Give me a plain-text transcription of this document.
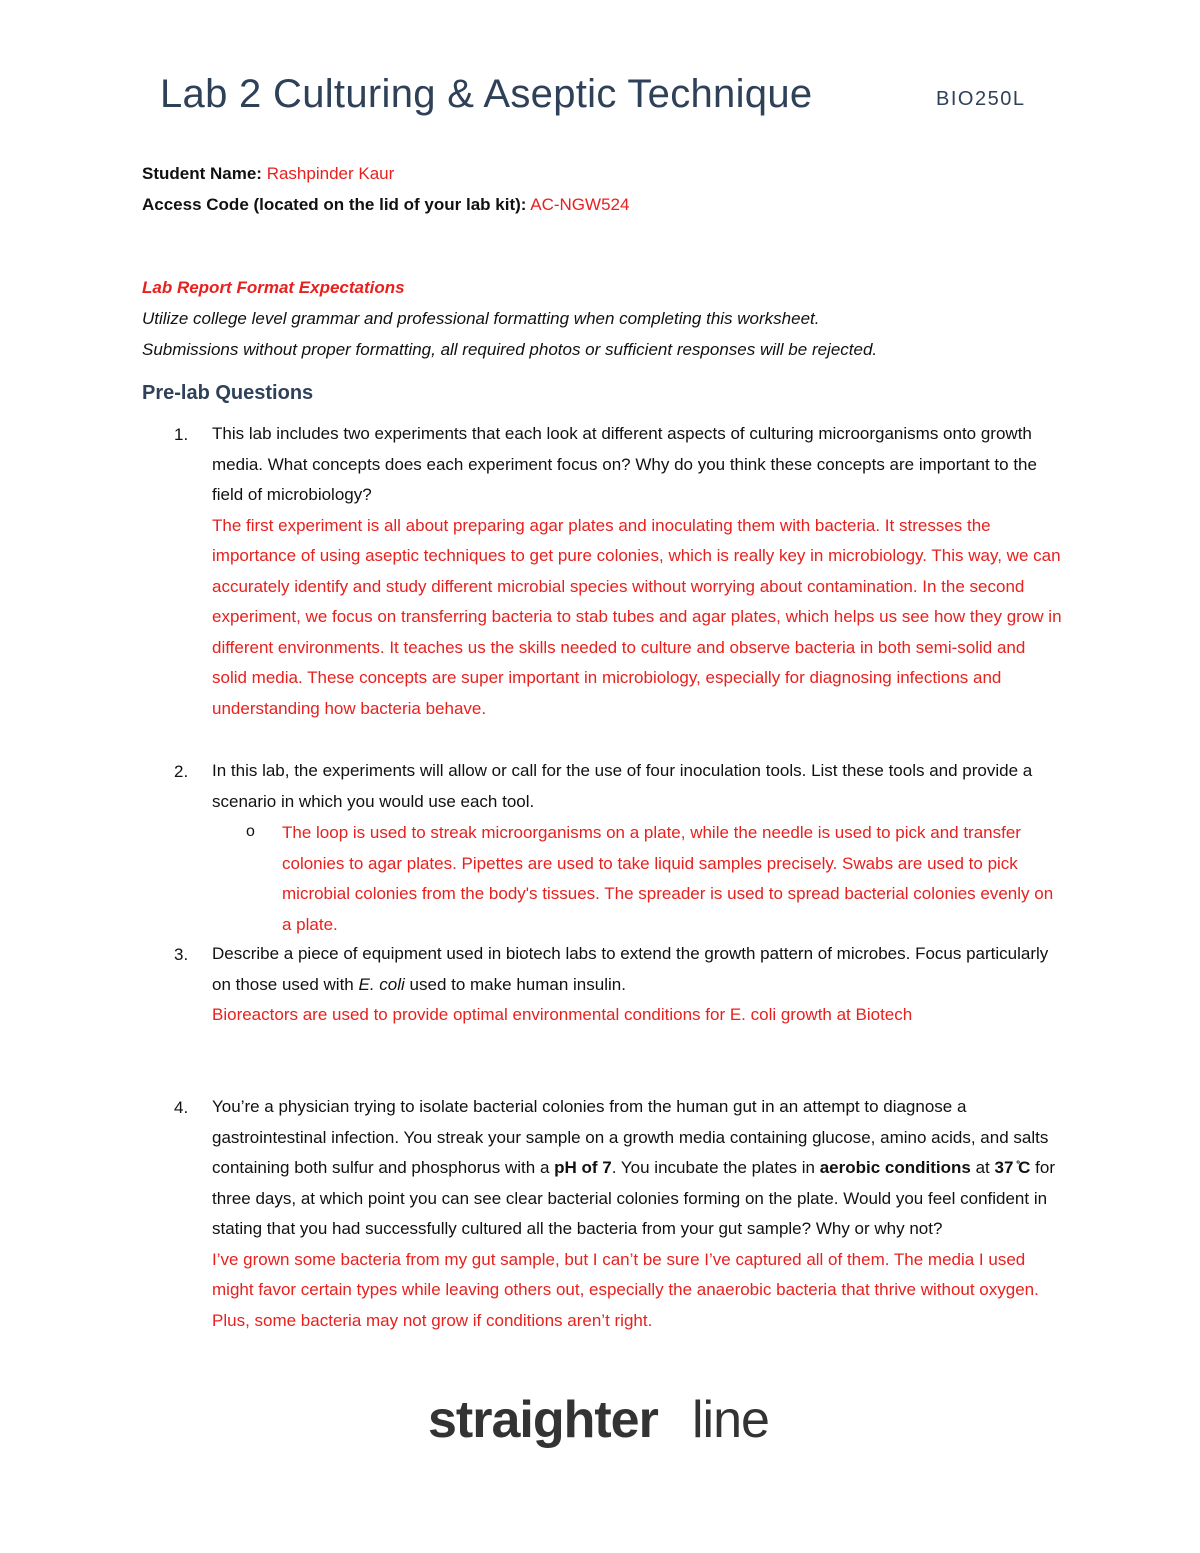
Lab 2 Culturing & Aseptic Technique	BIO250L
Student Name: Rashpinder Kaur
Access Code (located on the lid of your lab kit): AC-NGW524
Lab Report Format Expectations
Utilize college level grammar and professional formatting when completing this worksheet.
Submissions without proper formatting, all required photos or sufficient responses will be rejected.
Pre-lab Questions
1. This lab includes two experiments that each look at different aspects of culturing microorganisms onto growth media. What concepts does each experiment focus on? Why do you think these concepts are important to the field of microbiology?
The first experiment is all about preparing agar plates and inoculating them with bacteria. It stresses the importance of using aseptic techniques to get pure colonies, which is really key in microbiology. This way, we can accurately identify and study different microbial species without worrying about contamination. In the second experiment, we focus on transferring bacteria to stab tubes and agar plates, which helps us see how they grow in different environments. It teaches us the skills needed to culture and observe bacteria in both semi-solid and solid media. These concepts are super important in microbiology, especially for diagnosing infections and understanding how bacteria behave.
2. In this lab, the experiments will allow or call for the use of four inoculation tools. List these tools and provide a scenario in which you would use each tool.
o The loop is used to streak microorganisms on a plate, while the needle is used to pick and transfer colonies to agar plates. Pipettes are used to take liquid samples precisely. Swabs are used to pick microbial colonies from the body's tissues. The spreader is used to spread bacterial colonies evenly on a plate.
3. Describe a piece of equipment used in biotech labs to extend the growth pattern of microbes. Focus particularly on those used with E. coli used to make human insulin.
Bioreactors are used to provide optimal environmental conditions for E. coli growth at Biotech
4. You’re a physician trying to isolate bacterial colonies from the human gut in an attempt to diagnose a gastrointestinal infection. You streak your sample on a growth media containing glucose, amino acids, and salts containing both sulfur and phosphorus with a pH of 7. You incubate the plates in aerobic conditions at 37 ̊C for three days, at which point you can see clear bacterial colonies forming on the plate. Would you feel confident in stating that you had successfully cultured all the bacteria from your gut sample? Why or why not?
I’ve grown some bacteria from my gut sample, but I can’t be sure I’ve captured all of them. The media I used might favor certain types while leaving others out, especially the anaerobic bacteria that thrive without oxygen. Plus, some bacteria may not grow if conditions aren’t right.
straighter line
